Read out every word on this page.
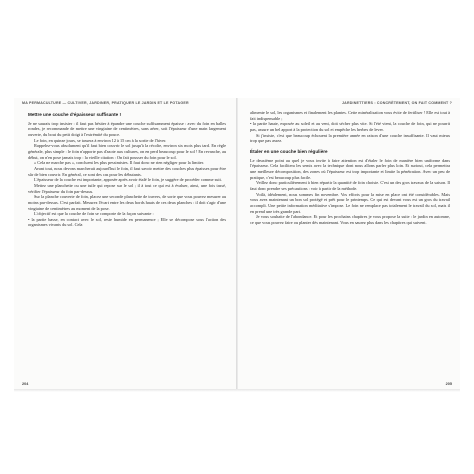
MA PERMACULTURE — CULTIVER, JARDINER, PRATIQUER LE JARDIN ET LE POTAGER
Mettre une couche d'épaisseur suffisante !

Je ne saurais trop insister : il faut pas hésiter à épandre une couche suffisamment épaisse : avec du foin en balles rondes, je recommande de mettre une vingtaine de centimètres, sans aérer, soit l'épaisseur d'une main largement ouverte, du bout du petit doigt à l'extrémité du pouce.

Le foin, en quinze jours, se tassera à environ 12 à 15 cm à la sortie de l'hiver.

Rappelez-vous absolument qu'il faut bien couvrir le sol jusqu'à la récolte, environ six mois plus tard. En règle générale, plus simple : le foin n'apporte pas d'azote aux cultures, on en perd beaucoup pour le sol ! En revanche, au début, on n'en pose jamais trop : la vieille citation : On fait pousser du foin pour le sol.

« Cela ne marche pas », concluent les plus pessimistes. Il faut donc ne rien négliger pour la limiter.

Avant tout, nous devons marcherait aujourd'hui le foin, il faut savoir mettre des couches plus épaisses pour être sûr de bien couvrir. En général, ce sont des cas pour les débutants.

L'épaisseur de la couche est importante, apposée après avoir étalé le foin, je suggère de procéder comme suit.

Mettez une planchette ou une tuile qui repose sur le sol ; il à tout ce qui est à évaluer, ainsi, une fois tassé, vérifier l'épaisseur du foin par-dessus.

Sur la planche couverte de foin, placez une seconde planchette de travers, de sorte que vous pouvez mesurer au moins par-dessus. C'est parfait. Mesurez l'écart entre les deux bords hauts de ces deux planches : il doit s'agir d'une vingtaine de centimètres au moment de la pose.

L'objectif est que la couche de foin se comporte de la façon suivante :

• la partie basse, en contact avec le sol, reste humide en permanence ; Elle se décompose sous l'action des organismes vivants du sol. Cela

204
JARDINETTIERS : CONCRÈTEMENT, ON FAIT COMMENT ?

alimente le sol, les organismes et finalement les plantes. Cette minéralisation vous évite de fertiliser ! Elle est tout à fait indispensable ;

• la partie haute, exposée au soleil et au vent, doit sécher plus vite. Si l'été vient, la couche de foin, qui ne pourrit pas, assure un bel apport à la protection du sol et empêche les herbes de lever.

Si j'insiste, c'est que beaucoup échouent la première année en raison d'une couche insuffisante. Il vaut mieux trop que pas assez.

Étaler en une couche bien régulière

Le deuxième point au quel je vous invite à faire attention est d'étaler le foin de manière bien uniforme dans l'épaisseur. Cela facilitera les semis avec la technique dont nous allons parler plus loin. Et surtout, cela permettra une meilleure décomposition, des zones où l'épaisseur est trop importante et limite la pénétration. Avec un peu de pratique, c'est beaucoup plus facile.

Veillez donc particulièrement à bien répartir la quantité de foin choisie. C'est un des gros travaux de la saison. Il faut donc prendre ses précautions : voir à partir de la méthode.

Voilà, idéalement, nous sommes fin novembre. Vos efforts pour la mise en place ont été considérables. Mais vous avez maintenant un bon sol protégé et prêt pour le printemps. Ce qui est devant vous est un gros du travail accompli. Une petite information méditative s'impose. Le foin ne remplace pas totalement le travail du sol, mais il en prend une très grande part.

Je vous souhaite de l'abondance. Et pour les prochains chapitres je vous propose la suite : le jardin en automne, ce que vous pouvez faire ou planter dès maintenant. Vous en saurez plus dans les chapitres qui suivent.

205
